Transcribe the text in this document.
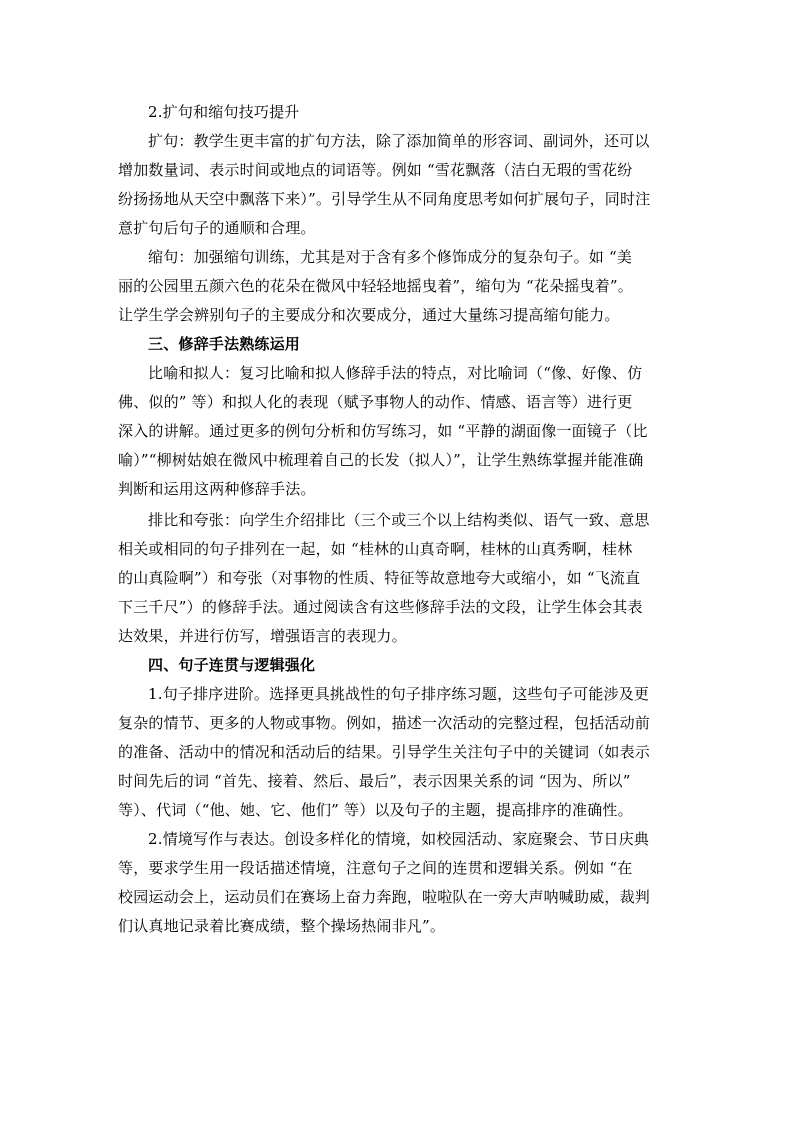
2.扩句和缩句技巧提升
扩句：教学生更丰富的扩句方法，除了添加简单的形容词、副词外，还可以
增加数量词、表示时间或地点的词语等。例如 “雪花飘落（洁白无瑕的雪花纷
纷扬扬地从天空中飘落下来）”。引导学生从不同角度思考如何扩展句子，同时注
意扩句后句子的通顺和合理。
缩句：加强缩句训练，尤其是对于含有多个修饰成分的复杂句子。如 “美
丽的公园里五颜六色的花朵在微风中轻轻地摇曳着”，缩句为 “花朵摇曳着”。
让学生学会辨别句子的主要成分和次要成分，通过大量练习提高缩句能力。
三、修辞手法熟练运用
比喻和拟人：复习比喻和拟人修辞手法的特点，对比喻词（“像、好像、仿
佛、似的” 等）和拟人化的表现（赋予事物人的动作、情感、语言等）进行更
深入的讲解。通过更多的例句分析和仿写练习，如 “平静的湖面像一面镜子（比
喻）”“柳树姑娘在微风中梳理着自己的长发（拟人）”，让学生熟练掌握并能准确
判断和运用这两种修辞手法。
排比和夸张：向学生介绍排比（三个或三个以上结构类似、语气一致、意思
相关或相同的句子排列在一起，如 “桂林的山真奇啊，桂林的山真秀啊，桂林
的山真险啊”）和夸张（对事物的性质、特征等故意地夸大或缩小，如 “飞流直
下三千尺”）的修辞手法。通过阅读含有这些修辞手法的文段，让学生体会其表
达效果，并进行仿写，增强语言的表现力。
四、句子连贯与逻辑强化
1.句子排序进阶。选择更具挑战性的句子排序练习题，这些句子可能涉及更
复杂的情节、更多的人物或事物。例如，描述一次活动的完整过程，包括活动前
的准备、活动中的情况和活动后的结果。引导学生关注句子中的关键词（如表示
时间先后的词 “首先、接着、然后、最后”，表示因果关系的词 “因为、所以”
等）、代词（“他、她、它、他们” 等）以及句子的主题，提高排序的准确性。
2.情境写作与表达。创设多样化的情境，如校园活动、家庭聚会、节日庆典
等，要求学生用一段话描述情境，注意句子之间的连贯和逻辑关系。例如 “在
校园运动会上，运动员们在赛场上奋力奔跑，啦啦队在一旁大声呐喊助威，裁判
们认真地记录着比赛成绩，整个操场热闹非凡”。
